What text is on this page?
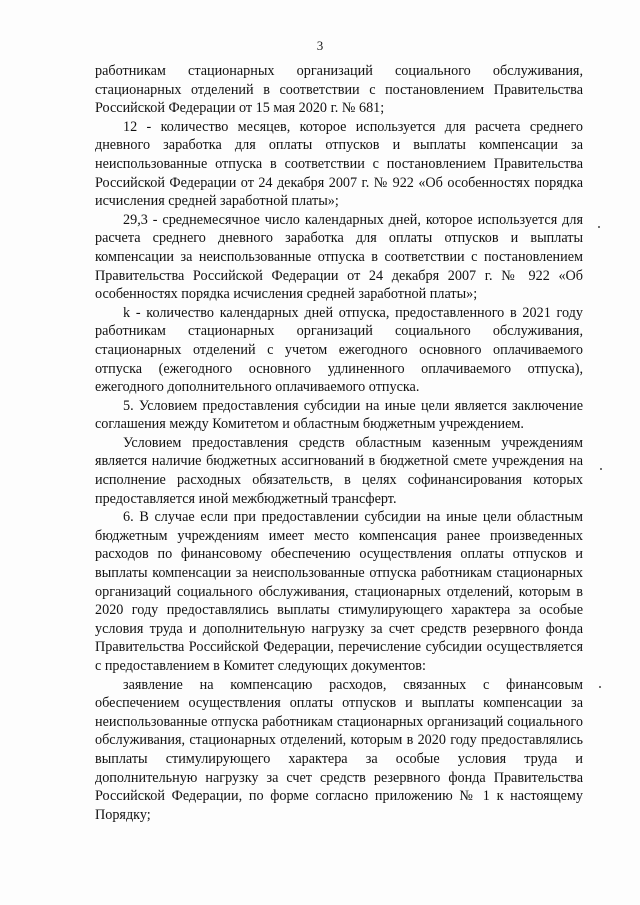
3

работникам стационарных организаций социального обслуживания, стационарных отделений в соответствии с постановлением Правительства Российской Федерации от 15 мая 2020 г. № 681;

12 - количество месяцев, которое используется для расчета среднего дневного заработка для оплаты отпусков и выплаты компенсации за неиспользованные отпуска в соответствии с постановлением Правительства Российской Федерации от 24 декабря 2007 г. № 922 «Об особенностях порядка исчисления средней заработной платы»;

29,3 - среднемесячное число календарных дней, которое используется для расчета среднего дневного заработка для оплаты отпусков и выплаты компенсации за неиспользованные отпуска в соответствии с постановлением Правительства Российской Федерации от 24 декабря 2007 г. № 922 «Об особенностях порядка исчисления средней заработной платы»;

k - количество календарных дней отпуска, предоставленного в 2021 году работникам стационарных организаций социального обслуживания, стационарных отделений с учетом ежегодного основного оплачиваемого отпуска (ежегодного основного удлиненного оплачиваемого отпуска), ежегодного дополнительного оплачиваемого отпуска.

5. Условием предоставления субсидии на иные цели является заключение соглашения между Комитетом и областным бюджетным учреждением.

Условием предоставления средств областным казенным учреждениям является наличие бюджетных ассигнований в бюджетной смете учреждения на исполнение расходных обязательств, в целях софинансирования которых предоставляется иной межбюджетный трансферт.

6. В случае если при предоставлении субсидии на иные цели областным бюджетным учреждениям имеет место компенсация ранее произведенных расходов по финансовому обеспечению осуществления оплаты отпусков и выплаты компенсации за неиспользованные отпуска работникам стационарных организаций социального обслуживания, стационарных отделений, которым в 2020 году предоставлялись выплаты стимулирующего характера за особые условия труда и дополнительную нагрузку за счет средств резервного фонда Правительства Российской Федерации, перечисление субсидии осуществляется с предоставлением в Комитет следующих документов:

заявление на компенсацию расходов, связанных с финансовым обеспечением осуществления оплаты отпусков и выплаты компенсации за неиспользованные отпуска работникам стационарных организаций социального обслуживания, стационарных отделений, которым в 2020 году предоставлялись выплаты стимулирующего характера за особые условия труда и дополнительную нагрузку за счет средств резервного фонда Правительства Российской Федерации, по форме согласно приложению № 1 к настоящему Порядку;
